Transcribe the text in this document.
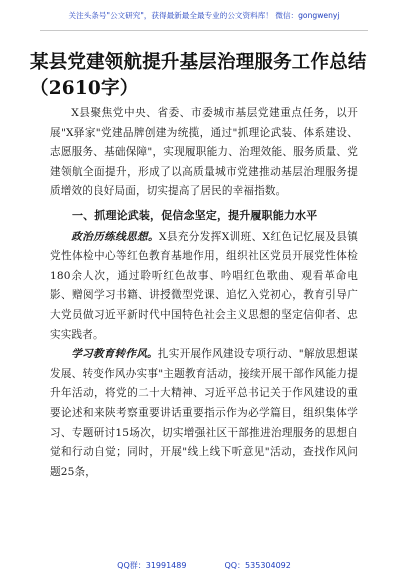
关注头条号"公文研究"，获得最新最全最专业的公文资料库！ 微信：gongwenyj
某县党建领航提升基层治理服务工作总结（2610字）

X县聚焦党中央、省委、市委城市基层党建重点任务，以开展"X驿家"党建品牌创建为统揽，通过"抓理论武装、体系建设、志愿服务、基础保障"，实现履职能力、治理效能、服务质量、党建领航全面提升，形成了以高质量城市党建推动基层治理服务提质增效的良好局面，切实提高了居民的幸福指数。

一、抓理论武装，促信念坚定，提升履职能力水平

政治历练线思想。X县充分发挥X训班、X红色记忆展及县镇党性体检中心等红色教育基地作用，组织社区党员开展党性体检180余人次，通过聆听红色故事、吟唱红色歌曲、观看革命电影、赠阅学习书籍、讲授微型党课、追忆入党初心，教育引导广大党员做习近平新时代中国特色社会主义思想的坚定信仰者、忠实实践者。

学习教育转作风。扎实开展作风建设专项行动、"解放思想谋发展、转变作风办实事"主题教育活动，接续开展干部作风能力提升年活动，将党的二十大精神、习近平总书记关于作风建设的重要论述和来陕考察重要讲话重要指示作为必学篇目，组织集体学习、专题研讨15场次，切实增强社区干部推进治理服务的思想自觉和行动自觉；同时，开展"线上线下听意见"活动，查找作风问题25条，

QQ群：31991489	QQ：535304092
